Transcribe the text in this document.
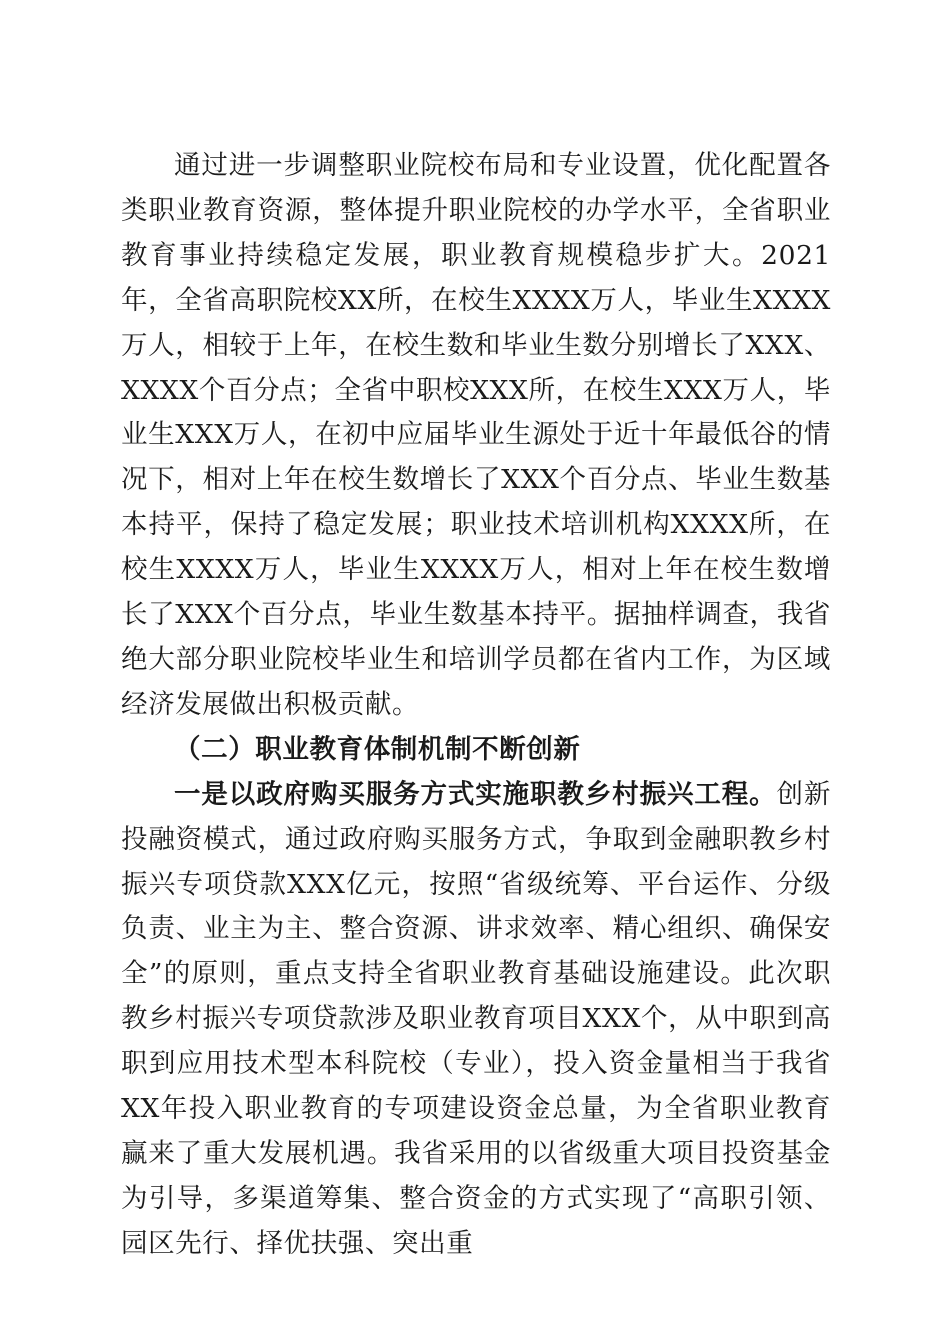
通过进一步调整职业院校布局和专业设置，优化配置各类职业教育资源，整体提升职业院校的办学水平，全省职业教育事业持续稳定发展，职业教育规模稳步扩大。2021年，全省高职院校XX所，在校生XXXX万人，毕业生XXXX万人，相较于上年，在校生数和毕业生数分别增长了XXX、XXXX个百分点；全省中职校XXX所，在校生XXX万人，毕业生XXX万人，在初中应届毕业生源处于近十年最低谷的情况下，相对上年在校生数增长了XXX个百分点、毕业生数基本持平，保持了稳定发展；职业技术培训机构XXXX所，在校生XXXX万人，毕业生XXXX万人，相对上年在校生数增长了XXX个百分点，毕业生数基本持平。据抽样调查，我省绝大部分职业院校毕业生和培训学员都在省内工作，为区域经济发展做出积极贡献。

（二）职业教育体制机制不断创新

一是以政府购买服务方式实施职教乡村振兴工程。创新投融资模式，通过政府购买服务方式，争取到金融职教乡村振兴专项贷款XXX亿元，按照“省级统筹、平台运作、分级负责、业主为主、整合资源、讲求效率、精心组织、确保安全”的原则，重点支持全省职业教育基础设施建设。此次职教乡村振兴专项贷款涉及职业教育项目XXX个，从中职到高职到应用技术型本科院校（专业），投入资金量相当于我省XX年投入职业教育的专项建设资金总量，为全省职业教育赢来了重大发展机遇。我省采用的以省级重大项目投资基金为引导，多渠道筹集、整合资金的方式实现了“高职引领、园区先行、择优扶强、突出重
